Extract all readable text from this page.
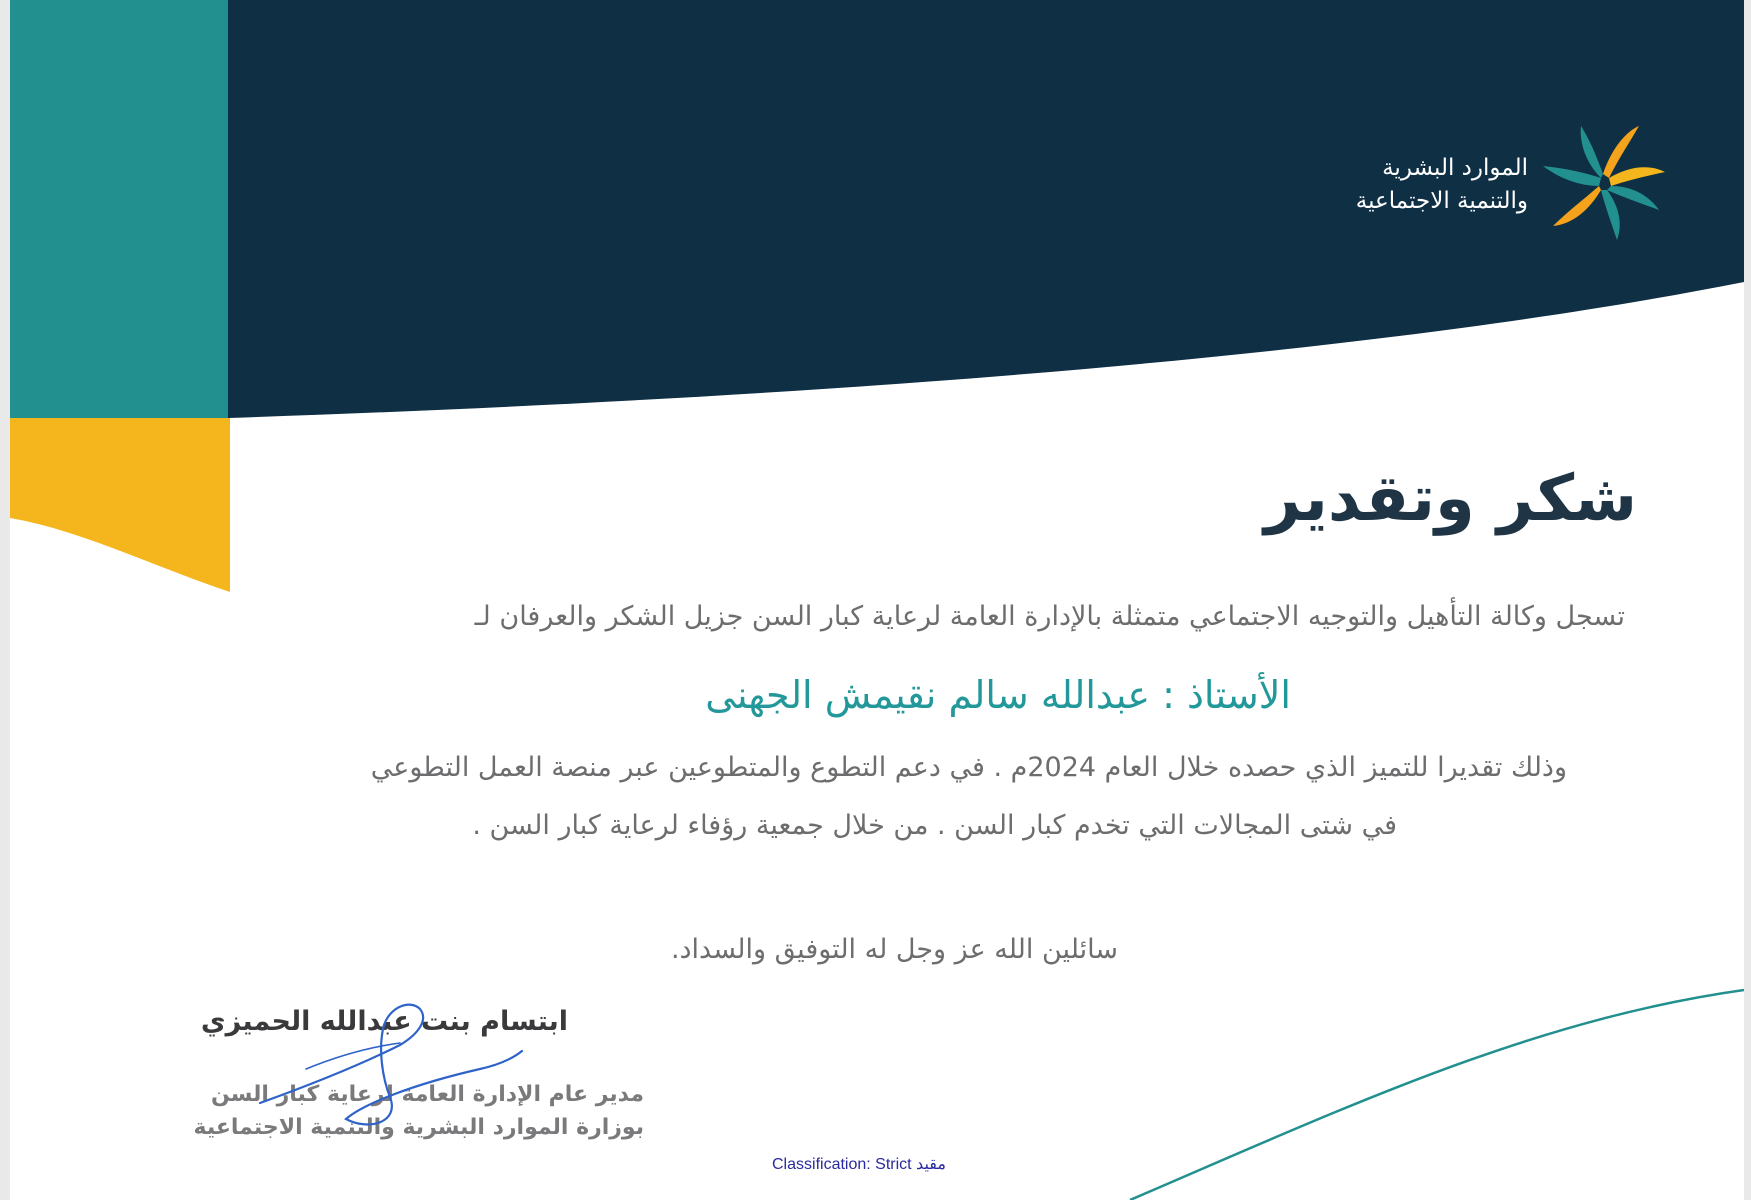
الموارد البشرية
والتنمية الاجتماعية
شكر وتقدير
تسجل وكالة التأهيل والتوجيه الاجتماعي متمثلة بالإدارة العامة لرعاية كبار السن جزيل الشكر والعرفان لـ
الأستاذ : عبدالله سالم نقيمش الجهنى
وذلك تقديرا للتميز الذي حصده خلال العام 2024م . في دعم التطوع والمتطوعين عبر منصة العمل التطوعي
في شتى المجالات التي تخدم كبار السن . من خلال جمعية رؤفاء لرعاية كبار السن .
سائلين الله عز وجل له التوفيق والسداد.
ابتسام بنت عبدالله الحميزي
مدير عام الإدارة العامة لرعاية كبار السن
بوزارة الموارد البشرية والتنمية الاجتماعية
Classification: Strict مقيد
